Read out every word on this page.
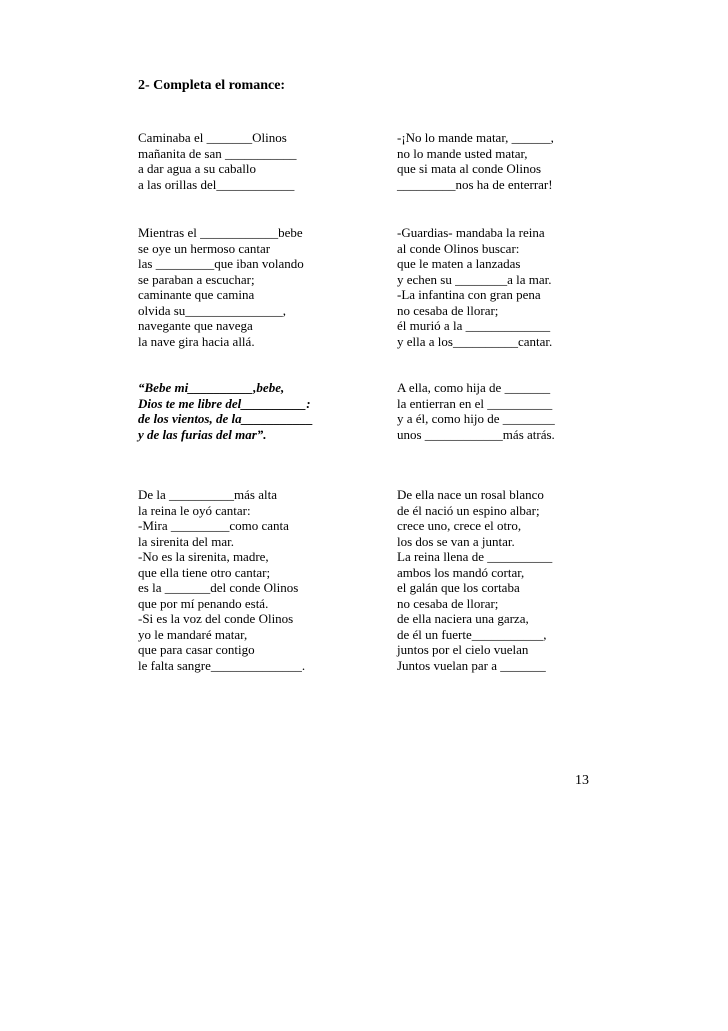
2- Completa el romance:
Caminaba el _______Olinos
mañanita de san ___________
a dar agua a su caballo
a las orillas del____________
-¡No lo mande matar, ______,
no lo mande usted matar,
que si mata al conde Olinos
_________nos ha de enterrar!
Mientras el ____________bebe
se oye un hermoso cantar
las _________que iban volando
se paraban a escuchar;
caminante que camina
olvida su_______________,
navegante que navega
la nave gira hacia allá.
-Guardias- mandaba la reina
al conde Olinos buscar:
que le maten a lanzadas
y echen su ________a la mar.
-La infantina con gran pena
no cesaba de llorar;
él murió a la _____________
y ella a los__________cantar.
“Bebe mi__________,bebe,
Dios te me libre del__________:
de los vientos, de la___________
y de las furias del mar”.
A ella, como hija de _______
la entierran en el __________
y a él, como hijo de ________
unos ____________más atrás.
De la __________más alta
la reina le oyó cantar:
-Mira _________como canta
la sirenita del mar.
-No es la sirenita, madre,
que ella tiene otro cantar;
es la _______del conde Olinos
que por mí penando está.
-Si es la voz del conde Olinos
yo le mandaré matar,
que para casar contigo
le falta sangre______________.
De ella nace un rosal blanco
de él nació un espino albar;
crece uno, crece el otro,
los dos se van a juntar.
La reina llena de __________
ambos los mandó cortar,
el galán que los cortaba
no cesaba de llorar;
de ella naciera una garza,
de él un fuerte___________,
juntos por el cielo vuelan
Juntos vuelan par a _______
13
